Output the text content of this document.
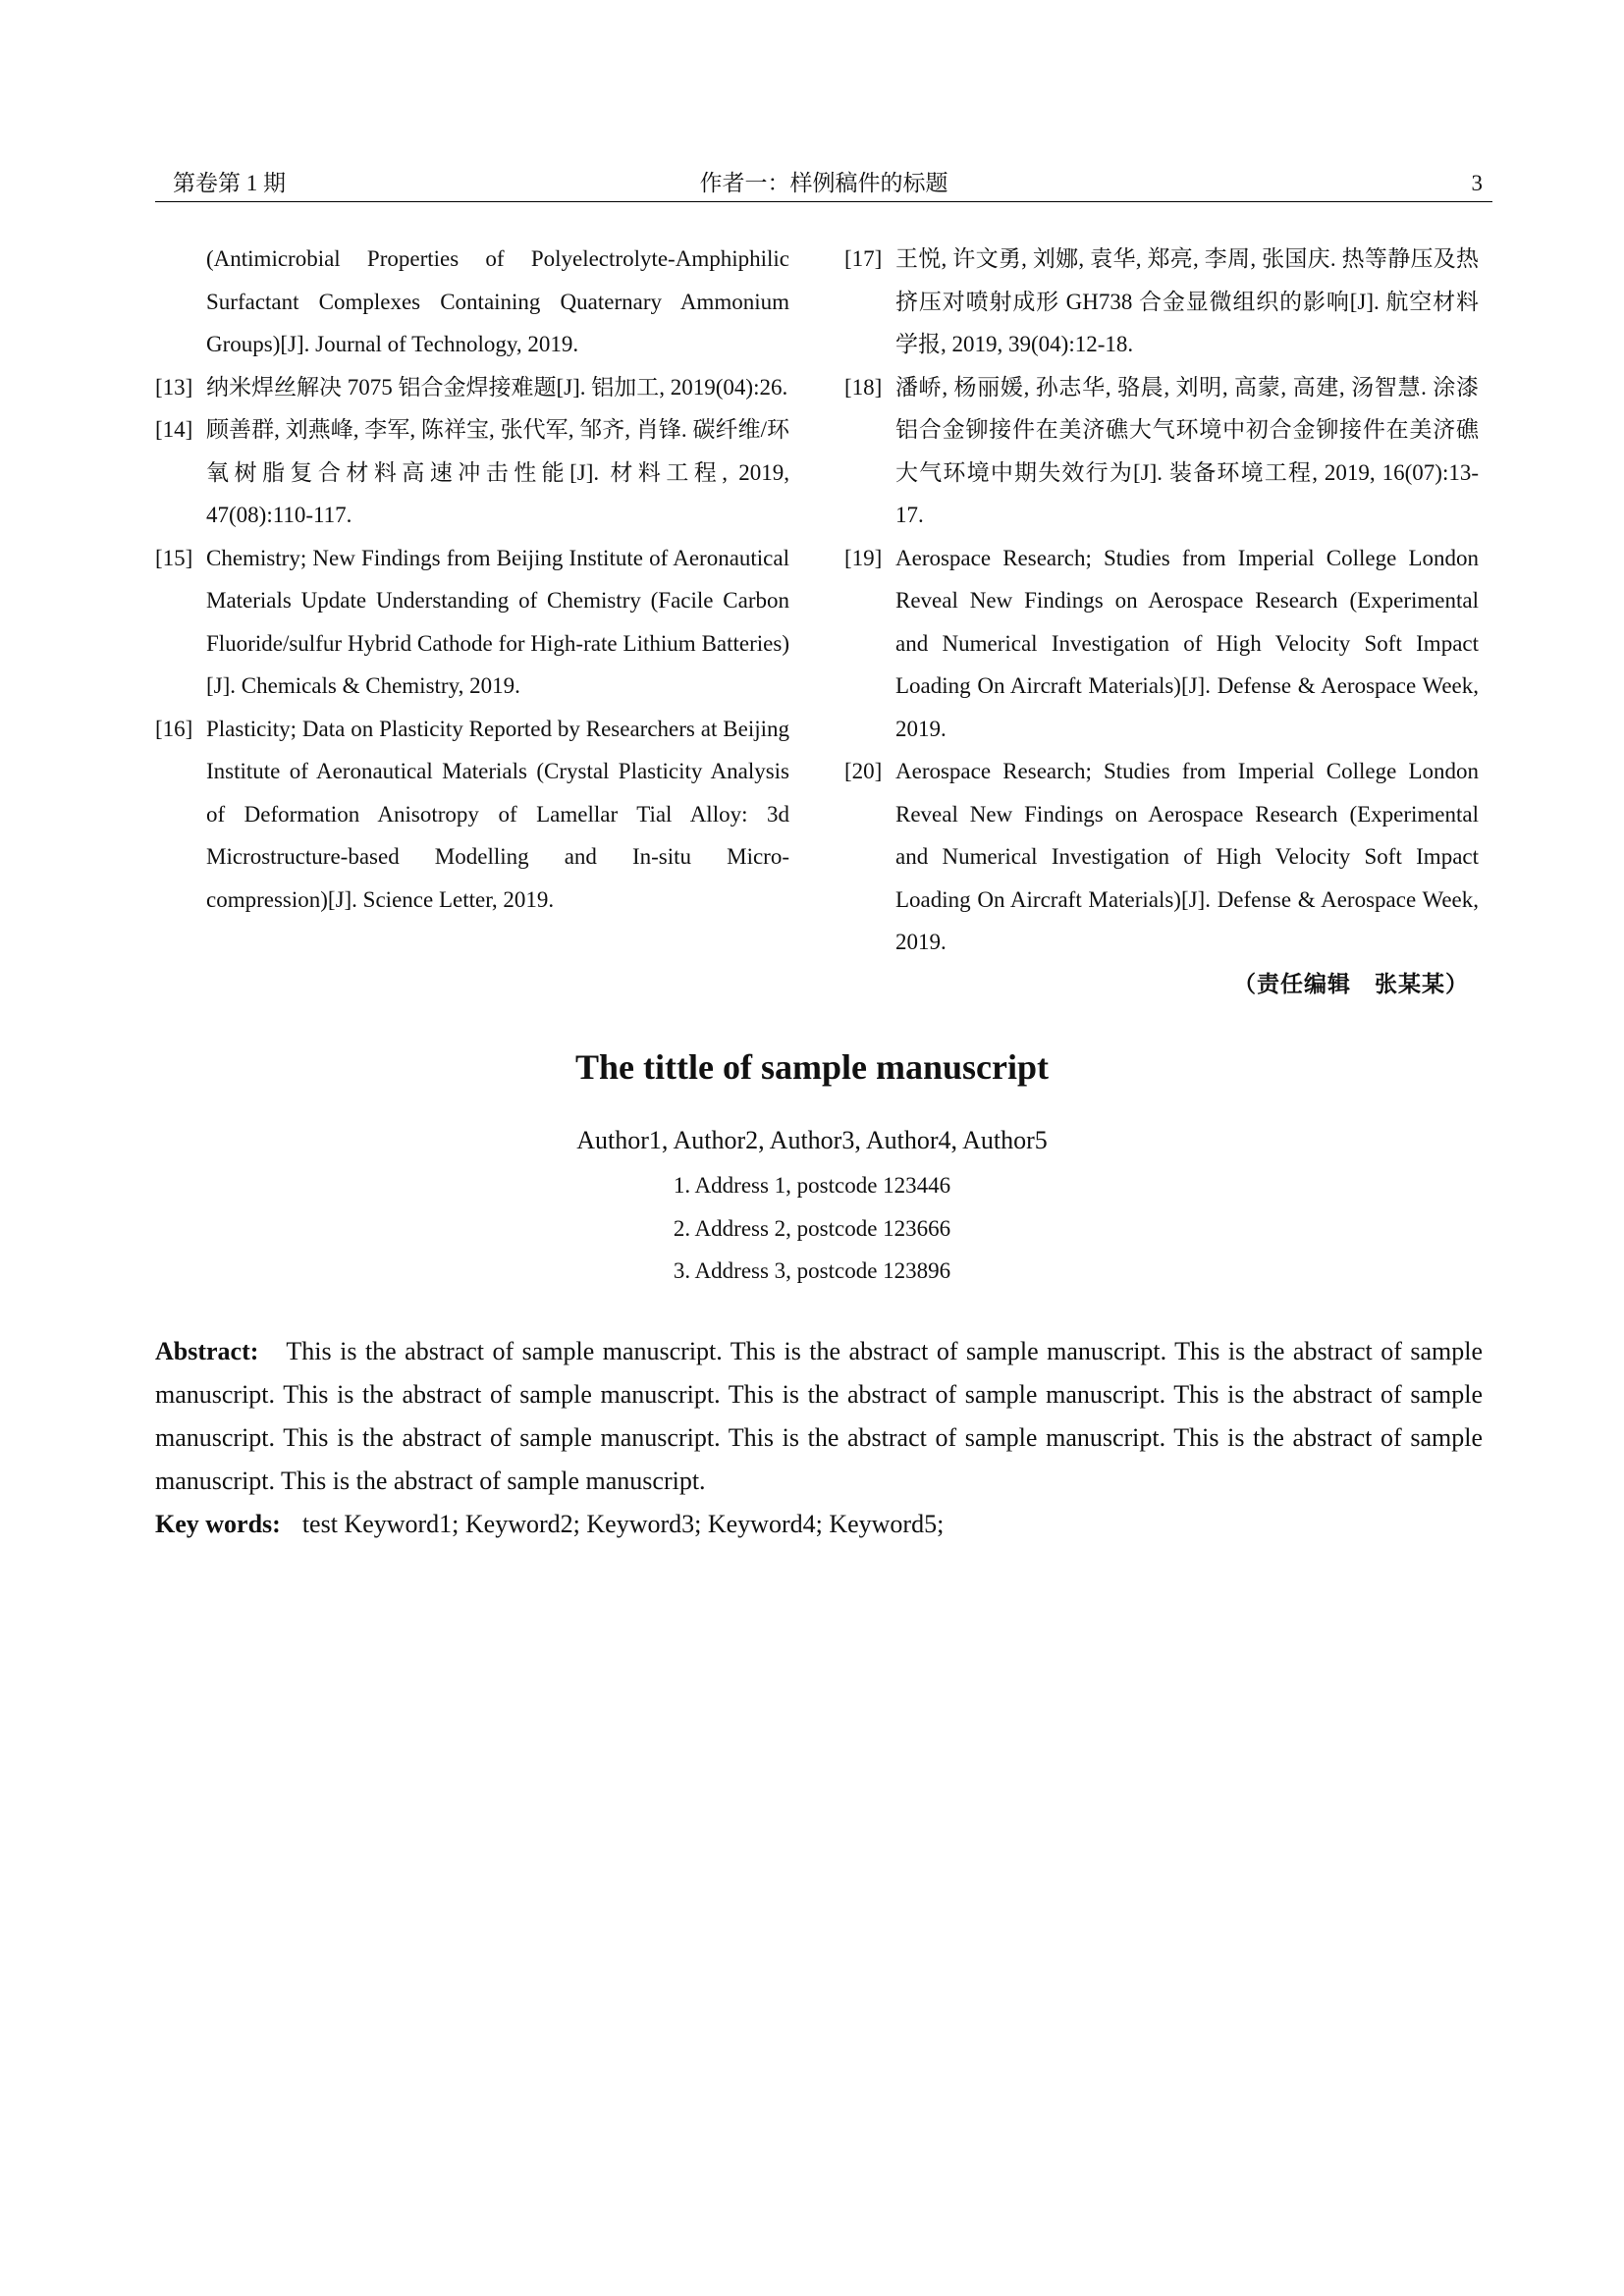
第卷第 1 期	作者一：样例稿件的标题	3

(Antimicrobial Properties of Polyelectrolyte-Amphiphilic Surfactant Complexes Containing Quaternary Ammonium Groups)[J]. Journal of Technology, 2019.

[13] 纳米焊丝解决 7075 铝合金焊接难题[J]. 铝加工, 2019(04):26.

[14] 顾善群, 刘燕峰, 李军, 陈祥宝, 张代军, 邹齐, 肖锋. 碳纤维/环氧树脂复合材料高速冲击性能[J]. 材料工程, 2019, 47(08):110-117.

[15] Chemistry; New Findings from Beijing Institute of Aeronautical Materials Update Understanding of Chemistry (Facile Carbon Fluoride/sulfur Hybrid Cathode for High-rate Lithium Batteries)[J]. Chemicals & Chemistry, 2019.

[16] Plasticity; Data on Plasticity Reported by Researchers at Beijing Institute of Aeronautical Materials (Crystal Plasticity Analysis of Deformation Anisotropy of Lamellar Tial Alloy: 3d Microstructure-based Modelling and In-situ Micro-compression)[J]. Science Letter, 2019.

[17] 王悦, 许文勇, 刘娜, 袁华, 郑亮, 李周, 张国庆. 热等静压及热挤压对喷射成形 GH738 合金显微组织的影响[J]. 航空材料学报, 2019, 39(04):12-18.

[18] 潘峤, 杨丽媛, 孙志华, 骆晨, 刘明, 高蒙, 高建, 汤智慧. 涂漆铝合金铆接件在美济礁大气环境中初合金铆接件在美济礁大气环境中期失效行为[J]. 装备环境工程, 2019, 16(07):13-17.

[19] Aerospace Research; Studies from Imperial College London Reveal New Findings on Aerospace Research (Experimental and Numerical Investigation of High Velocity Soft Impact Loading On Aircraft Materials)[J]. Defense & Aerospace Week, 2019.

[20] Aerospace Research; Studies from Imperial College London Reveal New Findings on Aerospace Research (Experimental and Numerical Investigation of High Velocity Soft Impact Loading On Aircraft Materials)[J]. Defense & Aerospace Week, 2019.

（责任编辑　张某某）
The tittle of sample manuscript
Author1, Author2, Author3, Author4, Author5
1. Address 1, postcode 123446
2. Address 2, postcode 123666
3. Address 3, postcode 123896
Abstract: This is the abstract of sample manuscript. This is the abstract of sample manuscript. This is the abstract of sample manuscript. This is the abstract of sample manuscript. This is the abstract of sample manuscript. This is the abstract of sample manuscript. This is the abstract of sample manuscript. This is the abstract of sample manuscript. This is the abstract of sample manuscript. This is the abstract of sample manuscript.
Key words: test Keyword1; Keyword2; Keyword3; Keyword4; Keyword5;
